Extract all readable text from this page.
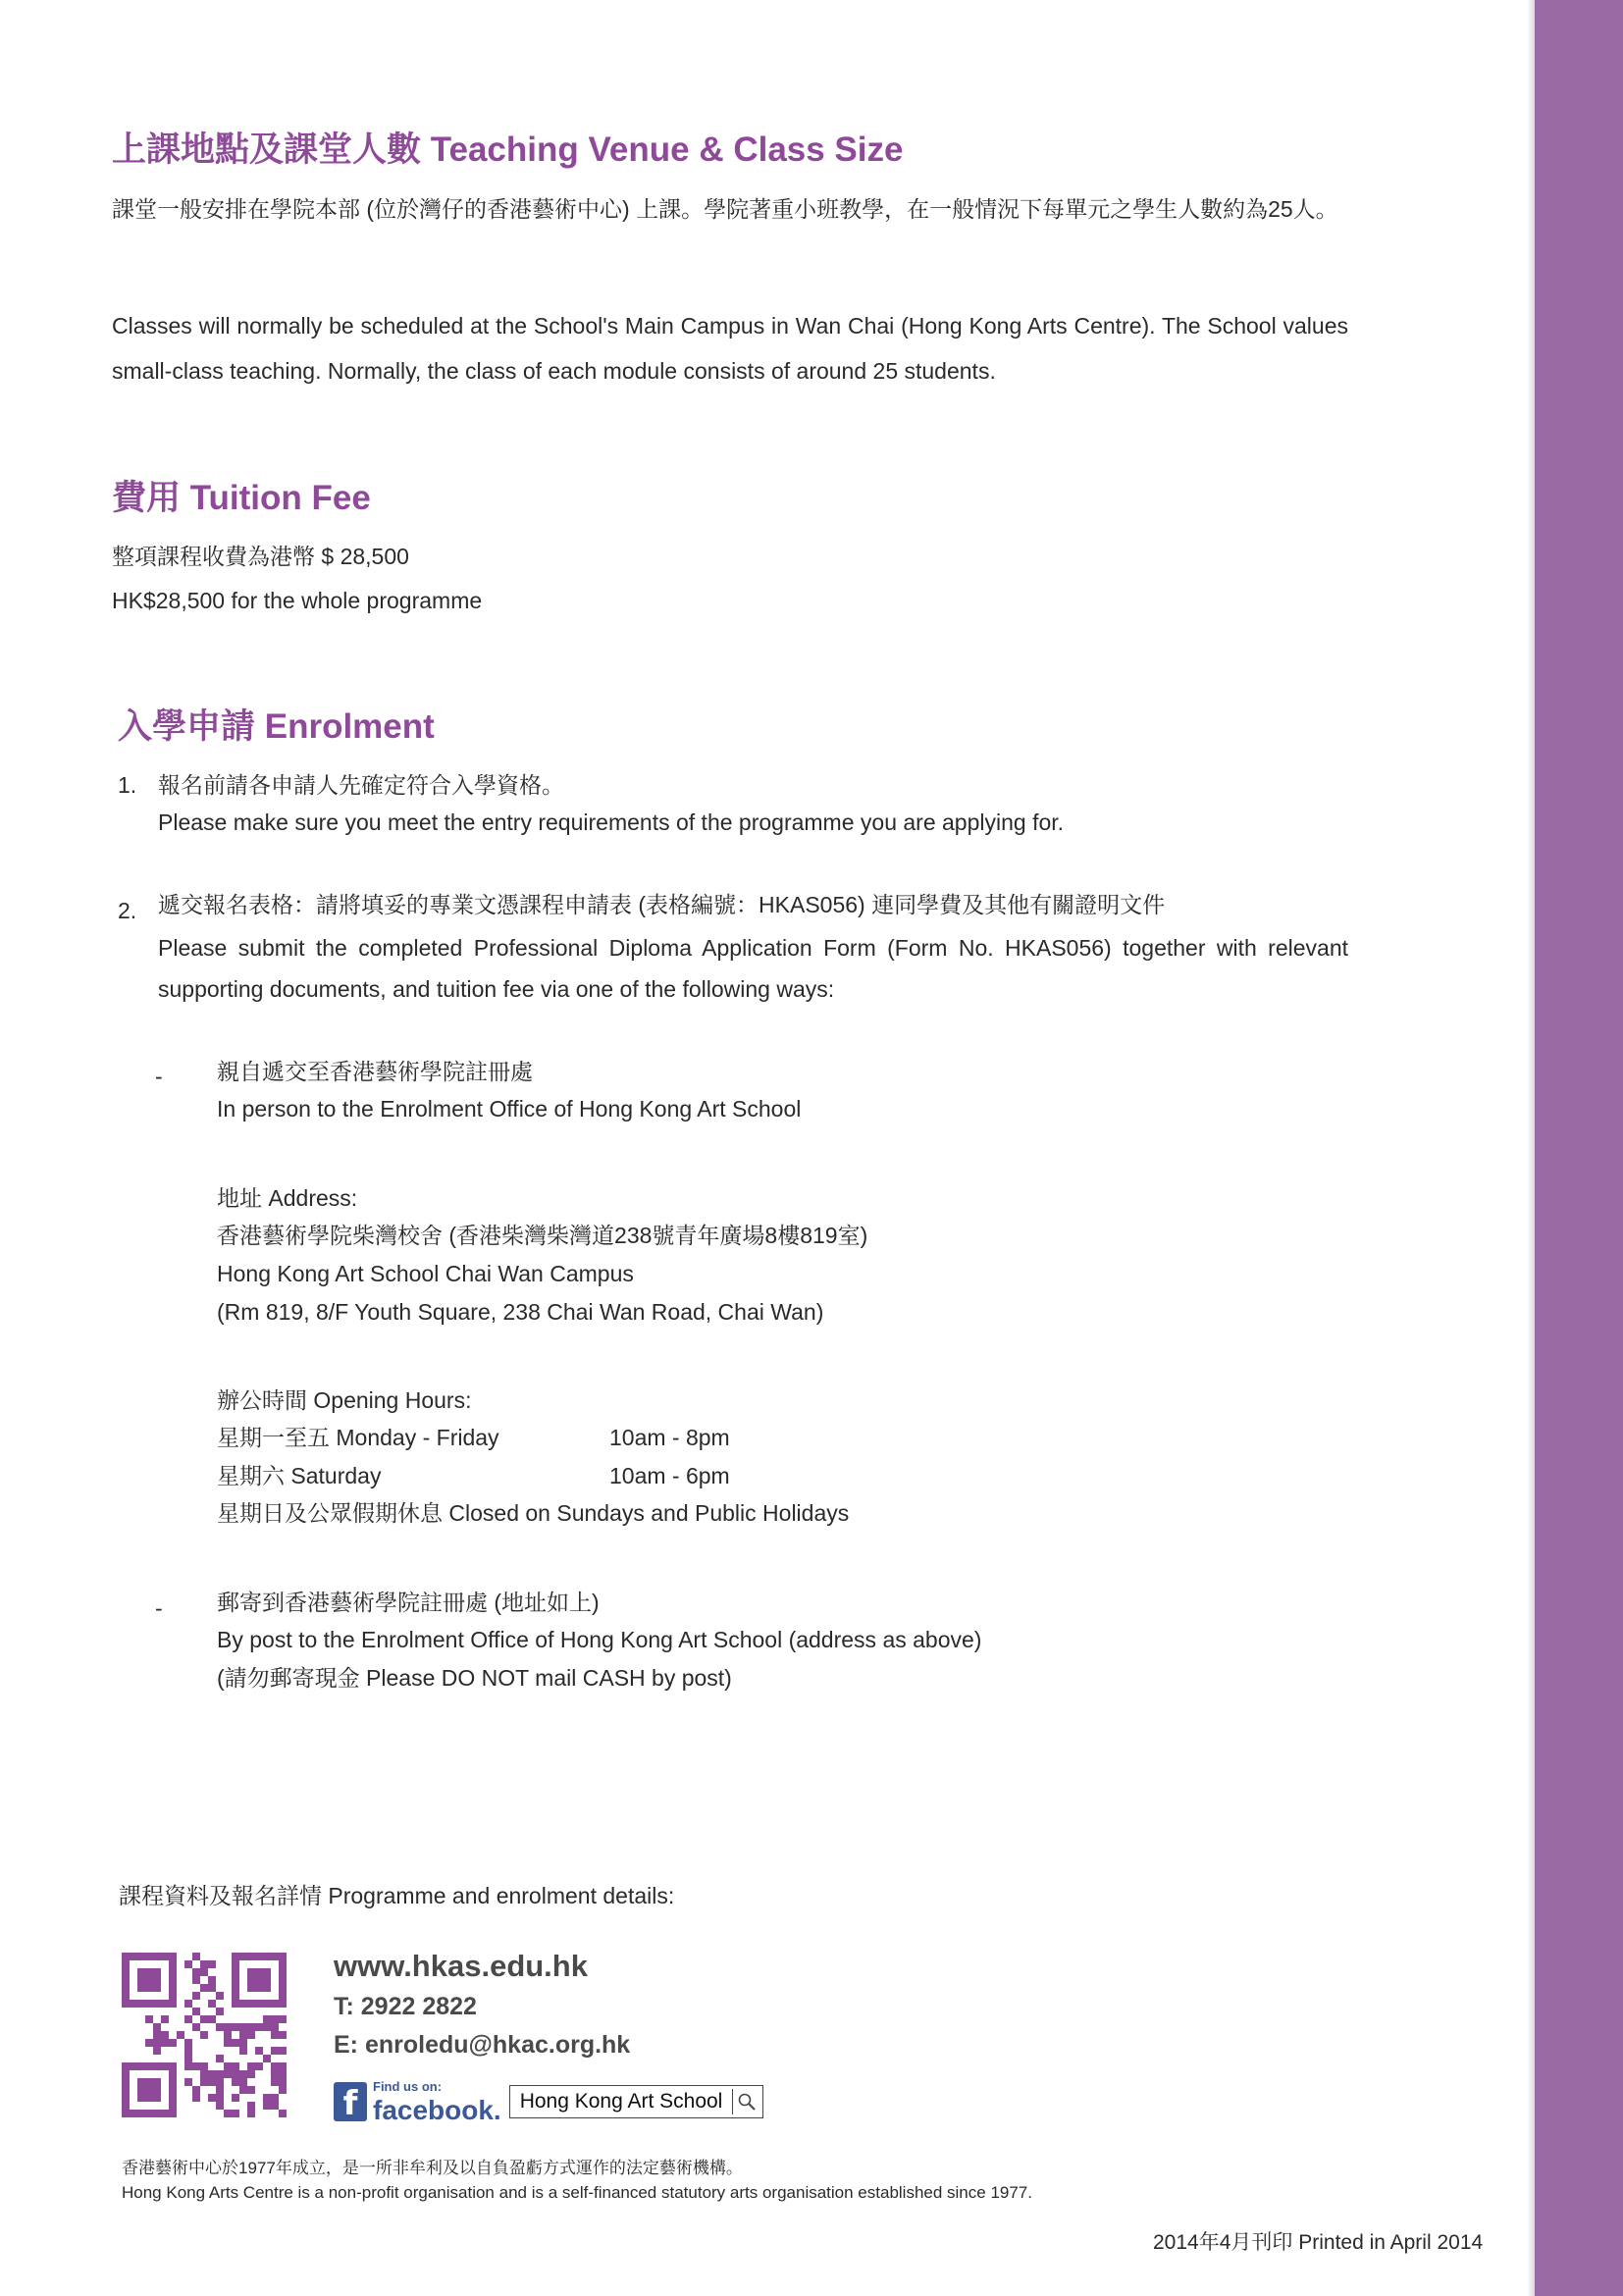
上課地點及課堂人數 Teaching Venue & Class Size
課堂一般安排在學院本部 (位於灣仔的香港藝術中心) 上課。學院著重小班教學，在一般情況下每單元之學生人數約為25人。
Classes will normally be scheduled at the School's Main Campus in Wan Chai (Hong Kong Arts Centre). The School values small-class teaching. Normally, the class of each module consists of around 25 students.
費用 Tuition Fee
整項課程收費為港幣 $ 28,500
HK$28,500 for the whole programme
入學申請 Enrolment
1. 報名前請各申請人先確定符合入學資格。
Please make sure you meet the entry requirements of the programme you are applying for.
2. 遞交報名表格：請將填妥的專業文憑課程申請表 (表格編號：HKAS056) 連同學費及其他有關證明文件
Please submit the completed Professional Diploma Application Form (Form No. HKAS056) together with relevant supporting documents, and tuition fee via one of the following ways:
- 親自遞交至香港藝術學院註冊處
In person to the Enrolment Office of Hong Kong Art School
地址 Address:
香港藝術學院柴灣校舍 (香港柴灣柴灣道238號青年廣場8樓819室)
Hong Kong Art School Chai Wan Campus
(Rm 819, 8/F Youth Square, 238 Chai Wan Road, Chai Wan)
辦公時間 Opening Hours:
星期一至五 Monday - Friday	10am - 8pm
星期六 Saturday	10am - 6pm
星期日及公眾假期休息 Closed on Sundays and Public Holidays
- 郵寄到香港藝術學院註冊處 (地址如上)
By post to the Enrolment Office of Hong Kong Art School (address as above)
(請勿郵寄現金 Please DO NOT mail CASH by post)
課程資料及報名詳情 Programme and enrolment details:
www.hkas.edu.hk
T: 2922 2822
E: enroledu@hkac.org.hk
f	Find us on:
facebook. Hong Kong Art School
香港藝術中心於1977年成立，是一所非牟利及以自負盈虧方式運作的法定藝術機構。
Hong Kong Arts Centre is a non-profit organisation and is a self-financed statutory arts organisation established since 1977.
2014年4月刊印 Printed in April 2014
